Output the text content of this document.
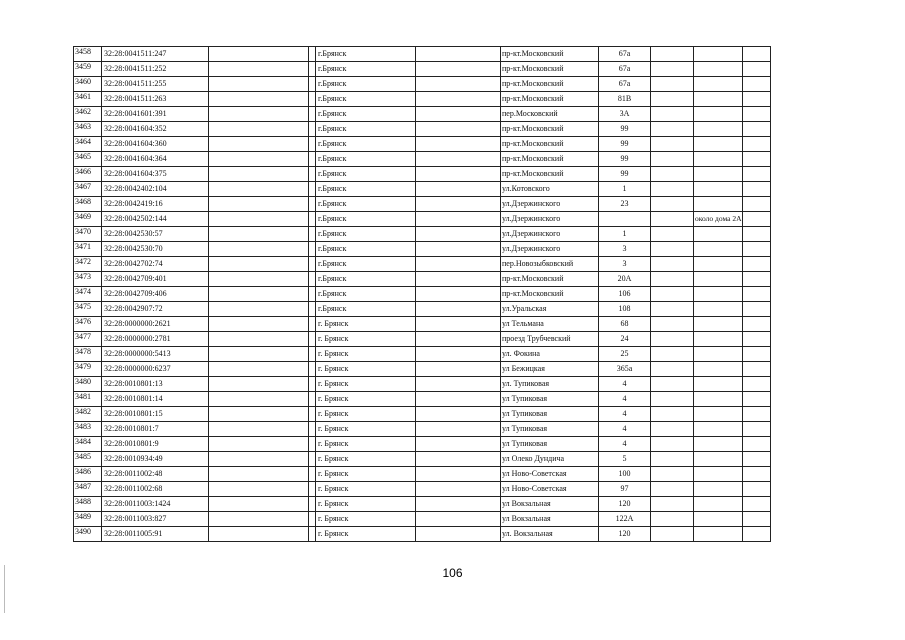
3458	32:28:0041511:247			г.Брянск		пр-кт.Московский	67а			
3459	32:28:0041511:252			г.Брянск		пр-кт.Московский	67а			
3460	32:28:0041511:255			г.Брянск		пр-кт.Московский	67а			
3461	32:28:0041511:263			г.Брянск		пр-кт.Московский	81В			
3462	32:28:0041601:391			г.Брянск		пер.Московский	3А			
3463	32:28:0041604:352			г.Брянск		пр-кт.Московский	99			
3464	32:28:0041604:360			г.Брянск		пр-кт.Московский	99			
3465	32:28:0041604:364			г.Брянск		пр-кт.Московский	99			
3466	32:28:0041604:375			г.Брянск		пр-кт.Московский	99			
3467	32:28:0042402:104			г.Брянск		ул.Котовского	1			
3468	32:28:0042419:16			г.Брянск		ул.Дзержинского	23			
3469	32:28:0042502:144			г.Брянск		ул.Дзержинского			около дома 2А	
3470	32:28:0042530:57			г.Брянск		ул.Дзержинского	1			
3471	32:28:0042530:70			г.Брянск		ул.Дзержинского	3			
3472	32:28:0042702:74			г.Брянск		пер.Новозыбковский	3			
3473	32:28:0042709:401			г.Брянск		пр-кт.Московский	20А			
3474	32:28:0042709:406			г.Брянск		пр-кт.Московский	106			
3475	32:28:0042907:72			г.Брянск		ул.Уральская	108			
3476	32:28:0000000:2621			г. Брянск		ул Тельмана	68			
3477	32:28:0000000:2781			г. Брянск		проезд Трубчевский	24			
3478	32:28:0000000:5413			г. Брянск		ул. Фокина	25			
3479	32:28:0000000:6237			г. Брянск		ул Бежицкая	365а			
3480	32:28:0010801:13			г. Брянск		ул. Тупиковая	4			
3481	32:28:0010801:14			г. Брянск		ул Тупиковая	4			
3482	32:28:0010801:15			г. Брянск		ул Тупиковая	4			
3483	32:28:0010801:7			г. Брянск		ул Тупиковая	4			
3484	32:28:0010801:9			г. Брянск		ул Тупиковая	4			
3485	32:28:0010934:49			г. Брянск		ул Олеко Дундича	5			
3486	32:28:0011002:48			г. Брянск		ул Ново-Советская	100			
3487	32:28:0011002:68			г. Брянск		ул Ново-Советская	97			
3488	32:28:0011003:1424			г. Брянск		ул Вокзальная	120			
3489	32:28:0011003:827			г. Брянск		ул Вокзальная	122А			
3490	32:28:0011005:91			г. Брянск		ул. Вокзальная	120			
106
